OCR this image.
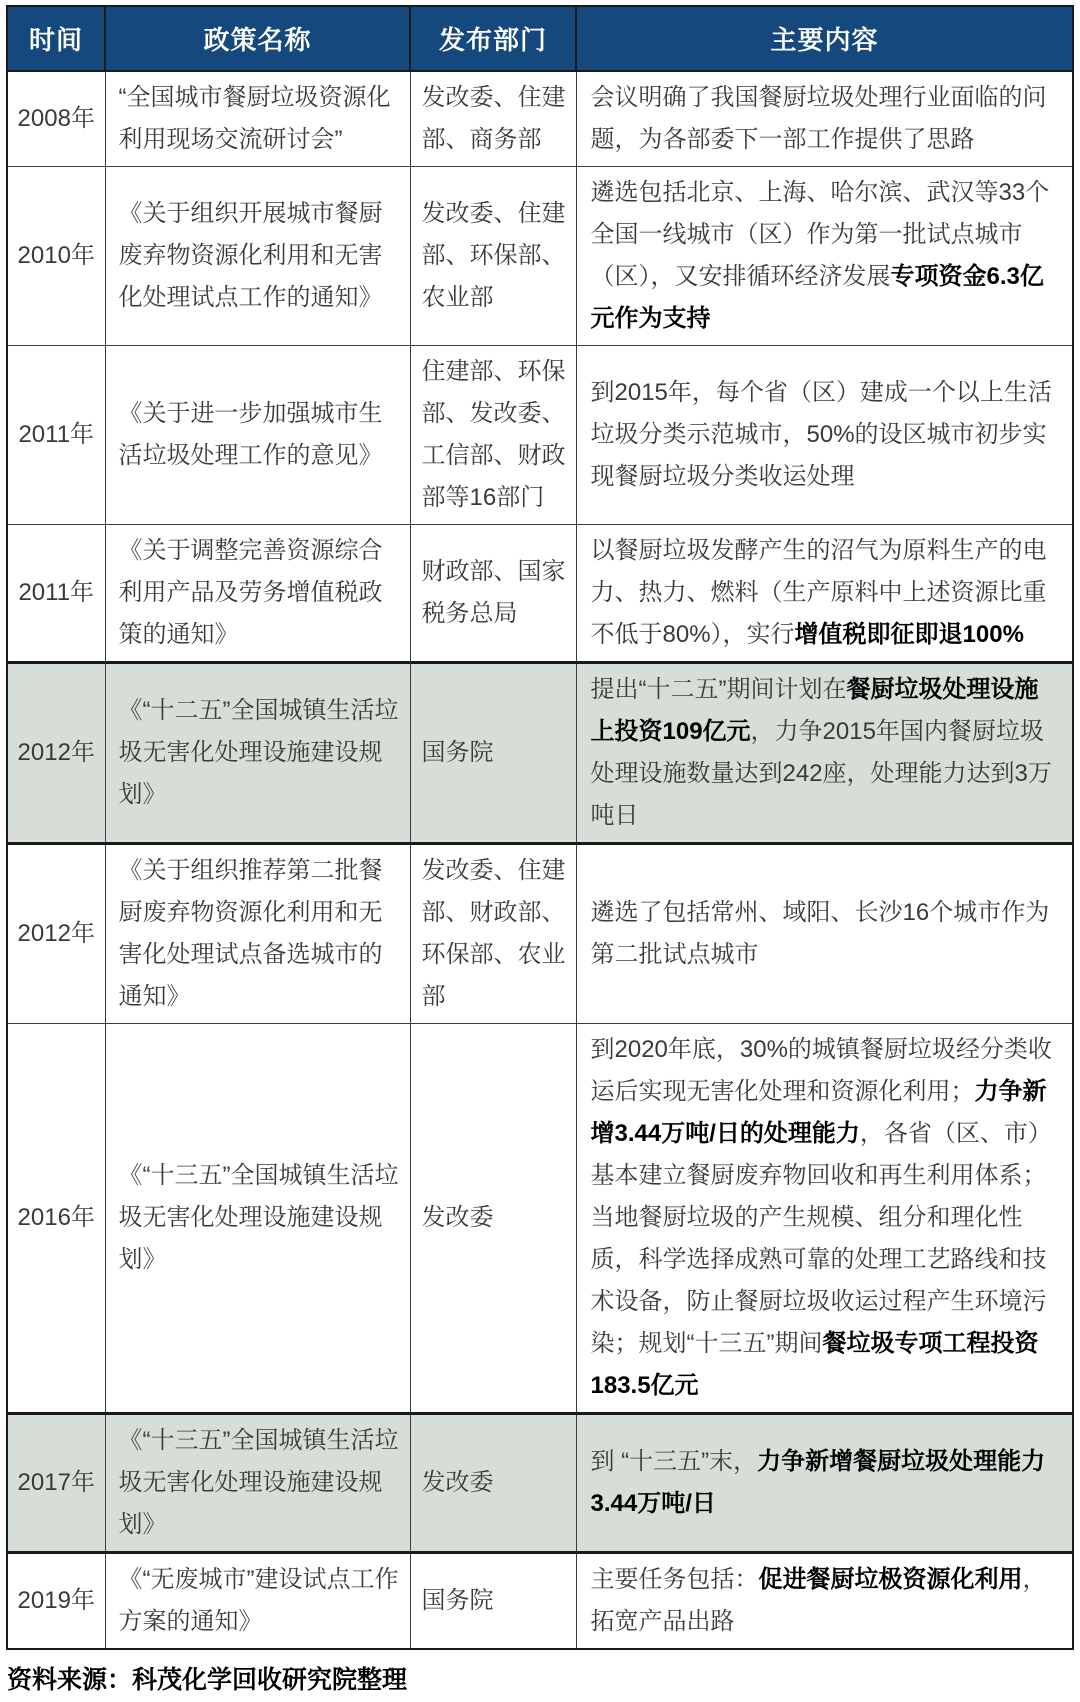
时间	政策名称	发布部门	主要内容
2008年	“全国城市餐厨垃圾资源化利用现场交流研讨会”	发改委、住建部、商务部	会议明确了我国餐厨垃圾处理行业面临的问题，为各部委下一部工作提供了思路
2010年	《关于组织开展城市餐厨废弃物资源化利用和无害化处理试点工作的通知》	发改委、住建部、环保部、农业部	遴选包括北京、上海、哈尔滨、武汉等33个全国一线城市（区）作为第一批试点城市（区），又安排循环经济发展专项资金6.3亿元作为支持
2011年	《关于进一步加强城市生活垃圾处理工作的意见》	住建部、环保部、发改委、工信部、财政部等16部门	到2015年，每个省（区）建成一个以上生活垃圾分类示范城市，50%的设区城市初步实现餐厨垃圾分类收运处理
2011年	《关于调整完善资源综合利用产品及劳务增值税政策的通知》	财政部、国家税务总局	以餐厨垃圾发酵产生的沼气为原料生产的电力、热力、燃料（生产原料中上述资源比重不低于80%），实行增值税即征即退100%
2012年	《“十二五”全国城镇生活垃圾无害化处理设施建设规划》	国务院	提出“十二五”期间计划在餐厨垃圾处理设施上投资109亿元，力争2015年国内餐厨垃圾处理设施数量达到242座，处理能力达到3万吨日
2012年	《关于组织推荐第二批餐厨废弃物资源化利用和无害化处理试点备选城市的通知》	发改委、住建部、财政部、环保部、农业部	遴选了包括常州、域阳、长沙16个城市作为第二批试点城市
2016年	《“十三五”全国城镇生活垃圾无害化处理设施建设规划》	发改委	到2020年底，30%的城镇餐厨垃圾经分类收运后实现无害化处理和资源化利用；力争新增3.44万吨/日的处理能力，各省（区、市）基本建立餐厨废弃物回收和再生利用体系；当地餐厨垃圾的产生规模、组分和理化性质，科学选择成熟可靠的处理工艺路线和技术设备，防止餐厨垃圾收运过程产生环境污染；规划“十三五”期间餐垃圾专项工程投资183.5亿元
2017年	《“十三五”全国城镇生活垃圾无害化处理设施建设规划》	发改委	到 “十三五”末，力争新增餐厨垃圾处理能力3.44万吨/日
2019年	《“无废城市”建设试点工作方案的通知》	国务院	主要任务包括：促进餐厨垃极资源化利用，拓宽产品出路
资料来源：科茂化学回收研究院整理
